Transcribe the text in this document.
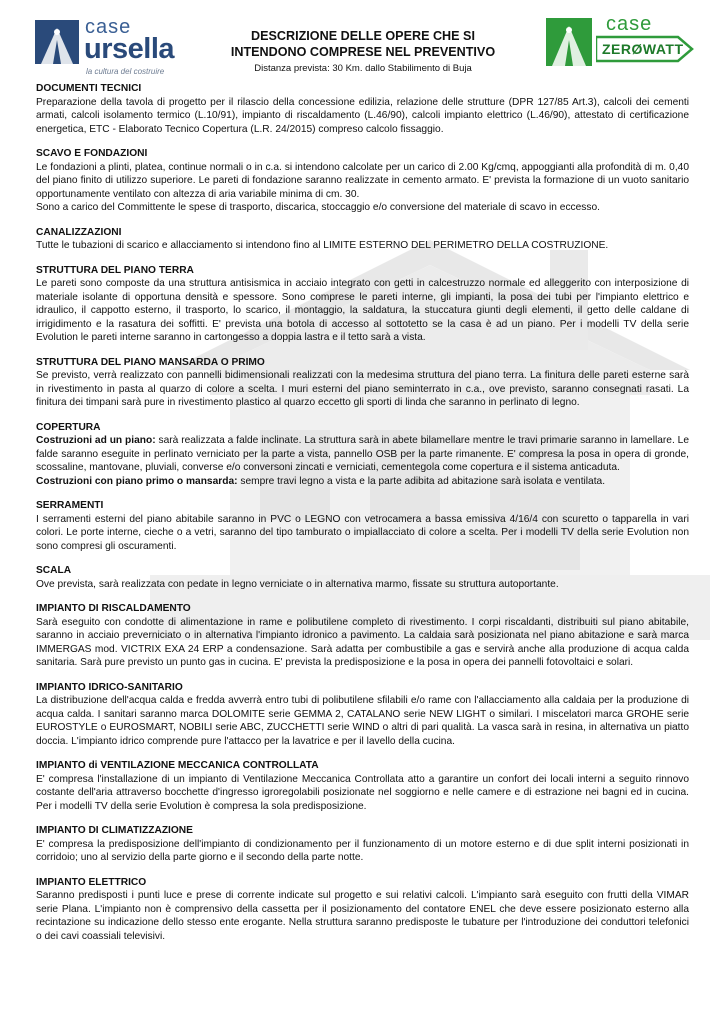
case
ursella
la cultura del costruire
DESCRIZIONE DELLE OPERE CHE SI
INTENDONO COMPRESE NEL PREVENTIVO
Distanza prevista: 30 Km. dallo Stabilimento di Buja
case
ZERØWATT
DOCUMENTI TECNICI

Preparazione della tavola di progetto per il rilascio della concessione edilizia, relazione delle strutture (DPR 127/85 Art.3), calcoli dei cementi armati, calcoli isolamento termico (L.10/91), impianto di riscaldamento (L.46/90), calcoli impianto elettrico (L.46/90), attestato di certificazione energetica, ETC - Elaborato Tecnico Copertura (L.R. 24/2015) compreso calcolo fissaggio.

SCAVO E FONDAZIONI

Le fondazioni a plinti, platea, continue normali o in c.a. si intendono calcolate per un carico di 2.00 Kg/cmq, appoggianti alla profondità di m. 0,40 del piano finito di utilizzo superiore. Le pareti di fondazione saranno realizzate in cemento armato. E' prevista la formazione di un vuoto sanitario opportunamente ventilato con altezza di aria variabile minima di cm. 30.

Sono a carico del Committente le spese di trasporto, discarica, stoccaggio e/o conversione del materiale di scavo in eccesso.

CANALIZZAZIONI

Tutte le tubazioni di scarico e allacciamento si intendono fino al LIMITE ESTERNO DEL PERIMETRO DELLA COSTRUZIONE.

STRUTTURA DEL PIANO TERRA

Le pareti sono composte da una struttura antisismica in acciaio integrato con getti in calcestruzzo normale ed alleggerito con interposizione di materiale isolante di opportuna densità e spessore. Sono comprese le pareti interne, gli impianti, la posa dei tubi per l'impianto elettrico e idraulico, il cappotto esterno, il trasporto, lo scarico, il montaggio, la saldatura, la stuccatura giunti degli elementi, il getto delle caldane di irrigidimento e la rasatura dei soffitti. E' prevista una botola di accesso al sottotetto se la casa è ad un piano. Per i modelli TV della serie Evolution le pareti interne saranno in cartongesso a doppia lastra e il tetto sarà a vista.

STRUTTURA DEL PIANO MANSARDA O PRIMO

Se previsto, verrà realizzato con pannelli bidimensionali realizzati con la medesima struttura del piano terra. La finitura delle pareti esterne sarà in rivestimento in pasta al quarzo di colore a scelta. I muri esterni del piano seminterrato in c.a., ove previsto, saranno consegnati rasati. La finitura dei timpani sarà pure in rivestimento plastico al quarzo eccetto gli sporti di linda che saranno in perlinato di legno.

COPERTURA

Costruzioni ad un piano: sarà realizzata a falde inclinate. La struttura sarà in abete bilamellare mentre le travi primarie saranno in lamellare. Le falde saranno eseguite in perlinato verniciato per la parte a vista, pannello OSB per la parte rimanente. E' compresa la posa in opera di gronde, scossaline, mantovane, pluviali, converse e/o conversoni zincati e verniciati, cementegola come copertura e il sistema anticaduta.

Costruzioni con piano primo o mansarda: sempre travi legno a vista e la parte adibita ad abitazione sarà isolata e ventilata.

SERRAMENTI

I serramenti esterni del piano abitabile saranno in PVC o LEGNO con vetrocamera a bassa emissiva 4/16/4 con scuretto o tapparella in vari colori. Le porte interne, cieche o a vetri, saranno del tipo tamburato o impiallacciato di colore a scelta. Per i modelli TV della serie Evolution non sono compresi gli oscuramenti.

SCALA

Ove prevista, sarà realizzata con pedate in legno verniciate o in alternativa marmo, fissate su struttura autoportante.

IMPIANTO DI RISCALDAMENTO

Sarà eseguito con condotte di alimentazione in rame e polibutilene completo di rivestimento. I corpi riscaldanti, distribuiti sul piano abitabile, saranno in acciaio preverniciato o in alternativa l'impianto idronico a pavimento. La caldaia sarà posizionata nel piano abitazione e sarà marca IMMERGAS mod. VICTRIX EXA 24 ERP a condensazione. Sarà adatta per combustibile a gas e servirà anche alla produzione di acqua calda sanitaria. Sarà pure previsto un punto gas in cucina. E' prevista la predisposizione e la posa in opera dei pannelli fotovoltaici e solari.

IMPIANTO IDRICO-SANITARIO

La distribuzione dell'acqua calda e fredda avverrà entro tubi di polibutilene sfilabili e/o rame con l'allacciamento alla caldaia per la produzione di acqua calda. I sanitari saranno marca DOLOMITE serie GEMMA 2, CATALANO serie NEW LIGHT o similari. I miscelatori marca GROHE serie EUROSTYLE o EUROSMART, NOBILI serie ABC, ZUCCHETTI serie WIND o altri di pari qualità. La vasca sarà in resina, in alternativa un piatto doccia. L'impianto idrico comprende pure l'attacco per la lavatrice e per il lavello della cucina.

IMPIANTO di VENTILAZIONE MECCANICA CONTROLLATA

E' compresa l'installazione di un impianto di Ventilazione Meccanica Controllata atto a garantire un confort dei locali interni a seguito rinnovo costante dell'aria attraverso bocchette d'ingresso igroregolabili posizionate nel soggiorno e nelle camere e di estrazione nei bagni ed in cucina. Per i modelli TV della serie Evolution è compresa la sola predisposizione.

IMPIANTO DI CLIMATIZZAZIONE

E' compresa la predisposizione dell'impianto di condizionamento per il funzionamento di un motore esterno e di due split interni posizionati in corridoio; uno al servizio della parte giorno e il secondo della parte notte.

IMPIANTO ELETTRICO

Saranno predisposti i punti luce e prese di corrente indicate sul progetto e sui relativi calcoli. L'impianto sarà eseguito con frutti della VIMAR serie Plana. L'impianto non è comprensivo della cassetta per il posizionamento del contatore ENEL che deve essere posizionato esterno alla recintazione su indicazione dello stesso ente erogante. Nella struttura saranno predisposte le tubature per l'introduzione dei conduttori telefonici o dei cavi coassiali televisivi.
